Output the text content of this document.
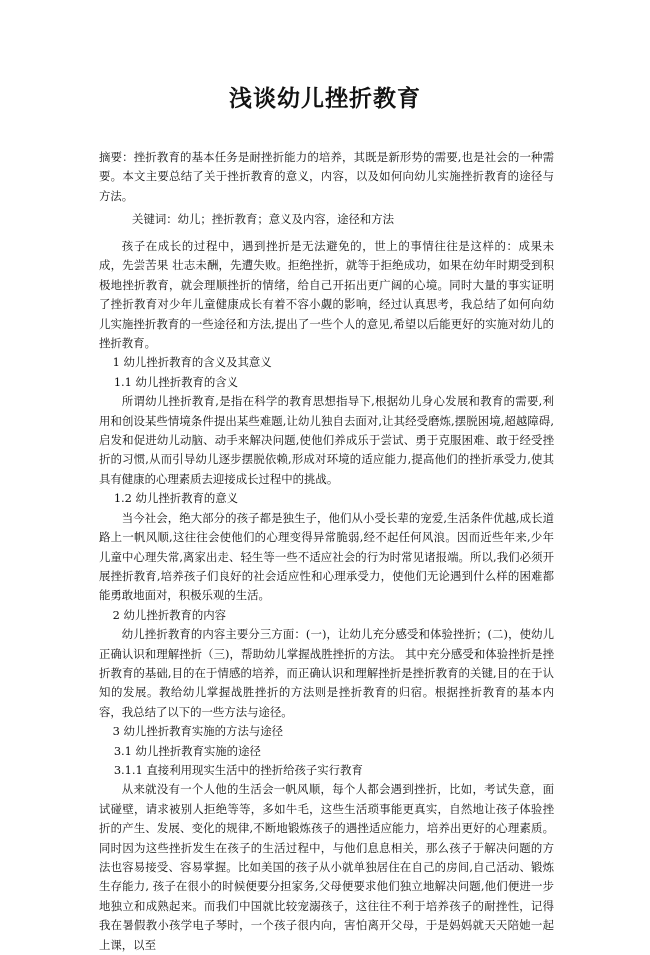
浅谈幼儿挫折教育

摘要：挫折教育的基本任务是耐挫折能力的培养，其既是新形势的需要,也是社会的一种需要。本文主要总结了关于挫折教育的意义，内容，以及如何向幼儿实施挫折教育的途径与方法。

关键词：幼儿；挫折教育；意义及内容，途径和方法

孩子在成长的过程中，遇到挫折是无法避免的，世上的事情往往是这样的：成果未成，先尝苦果 壮志未酬，先遭失败。拒绝挫折，就等于拒绝成功，如果在幼年时期受到积极地挫折教育，就会理顺挫折的情绪，给自己开拓出更广阔的心境。同时大量的事实证明了挫折教育对少年儿童健康成长有着不容小觑的影响，经过认真思考，我总结了如何向幼儿实施挫折教育的一些途径和方法,提出了一些个人的意见,希望以后能更好的实施对幼儿的挫折教育。

1 幼儿挫折教育的含义及其意义

1.1 幼儿挫折教育的含义

所谓幼儿挫折教育,是指在科学的教育思想指导下,根据幼儿身心发展和教育的需要,利用和创设某些情境条件提出某些难题,让幼儿独自去面对,让其经受磨炼,摆脱困境,超越障碍,启发和促进幼儿动脑、动手来解决问题,使他们养成乐于尝试、勇于克服困难、敢于经受挫折的习惯,从而引导幼儿逐步摆脱依赖,形成对环境的适应能力,提高他们的挫折承受力,使其具有健康的心理素质去迎接成长过程中的挑战。

1.2 幼儿挫折教育的意义

当今社会，绝大部分的孩子都是独生子，他们从小受长辈的宠爱,生活条件优越,成长道路上一帆风顺,这往往会使他们的心理变得异常脆弱,经不起任何风浪。因而近些年来,少年儿童中心理失常,离家出走、轻生等一些不适应社会的行为时常见诸报端。所以,我们必须开展挫折教育,培养孩子们良好的社会适应性和心理承受力，使他们无论遇到什么样的困难都能勇敢地面对，积极乐观的生活。

2 幼儿挫折教育的内容

幼儿挫折教育的内容主要分三方面：(一)，让幼儿充分感受和体验挫折；(二)，使幼儿正确认识和理解挫折（三)，帮助幼儿掌握战胜挫折的方法。 其中充分感受和体验挫折是挫折教育的基础,目的在于情感的培养，而正确认识和理解挫折是挫折教育的关键,目的在于认知的发展。教给幼儿掌握战胜挫折的方法则是挫折教育的归宿。根据挫折教育的基本内容，我总结了以下的一些方法与途径。

3 幼儿挫折教育实施的方法与途径

3.1 幼儿挫折教育实施的途径

3.1.1 直接利用现实生活中的挫折给孩子实行教育

从来就没有一个人他的生活会一帆风顺，每个人都会遇到挫折，比如，考试失意，面试碰壁，请求被别人拒绝等等，多如牛毛，这些生活琐事能更真实，自然地让孩子体验挫折的产生、发展、变化的规律,不断地锻炼孩子的遇挫适应能力，培养出更好的心理素质。同时因为这些挫折发生在孩子的生活过程中，与他们息息相关，那么孩子于解决问题的方法也容易接受、容易掌握。比如美国的孩子从小就单独居住在自己的房间,自己活动、锻炼生存能力, 孩子在很小的时候便要分担家务,父母便要求他们独立地解决问题,他们便进一步地独立和成熟起来。而我们中国就比较宠溺孩子，这往往不利于培养孩子的耐挫性，记得我在暑假教小孩学电子琴时，一个孩子很内向，害怕离开父母，于是妈妈就天天陪她一起上课，以至
